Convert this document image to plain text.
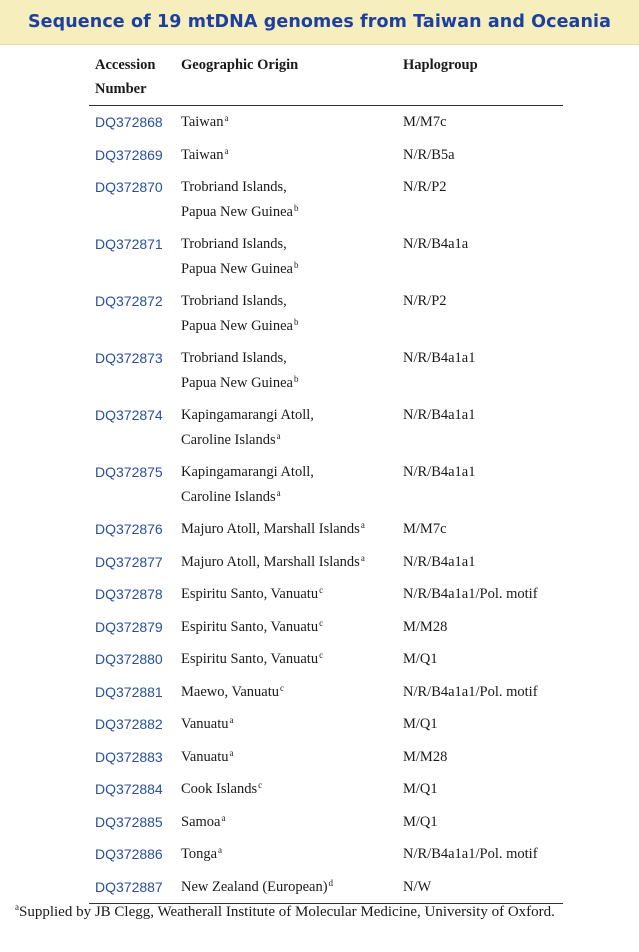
Sequence of 19 mtDNA genomes from Taiwan and Oceania
Accession Number	Geographic Origin	Haplogroup
DQ372868	Taiwan$^a$	M/M7c
DQ372869	Taiwan$^a$	N/R/B5a
DQ372870	Trobriand Islands,
Papua New Guinea$^b$	N/R/P2
DQ372871	Trobriand Islands,
Papua New Guinea$^b$	N/R/B4a1a
DQ372872	Trobriand Islands,
Papua New Guinea$^b$	N/R/P2
DQ372873	Trobriand Islands,
Papua New Guinea$^b$	N/R/B4a1a1
DQ372874	Kapingamarangi Atoll,
Caroline Islands$^a$	N/R/B4a1a1
DQ372875	Kapingamarangi Atoll,
Caroline Islands$^a$	N/R/B4a1a1
DQ372876	Majuro Atoll, Marshall Islands$^a$	M/M7c
DQ372877	Majuro Atoll, Marshall Islands$^a$	N/R/B4a1a1
DQ372878	Espiritu Santo, Vanuatu$^c$	N/R/B4a1a1/Pol. motif
DQ372879	Espiritu Santo, Vanuatu$^c$	M/M28
DQ372880	Espiritu Santo, Vanuatu$^c$	M/Q1
DQ372881	Maewo, Vanuatu$^c$	N/R/B4a1a1/Pol. motif
DQ372882	Vanuatu$^a$	M/Q1
DQ372883	Vanuatu$^a$	M/M28
DQ372884	Cook Islands$^c$	M/Q1
DQ372885	Samoa$^a$	M/Q1
DQ372886	Tonga$^a$	N/R/B4a1a1/Pol. motif
DQ372887	New Zealand (European)$^d$	N/W
$^a$Supplied by JB Clegg, Weatherall Institute of Molecular Medicine, University of Oxford.
